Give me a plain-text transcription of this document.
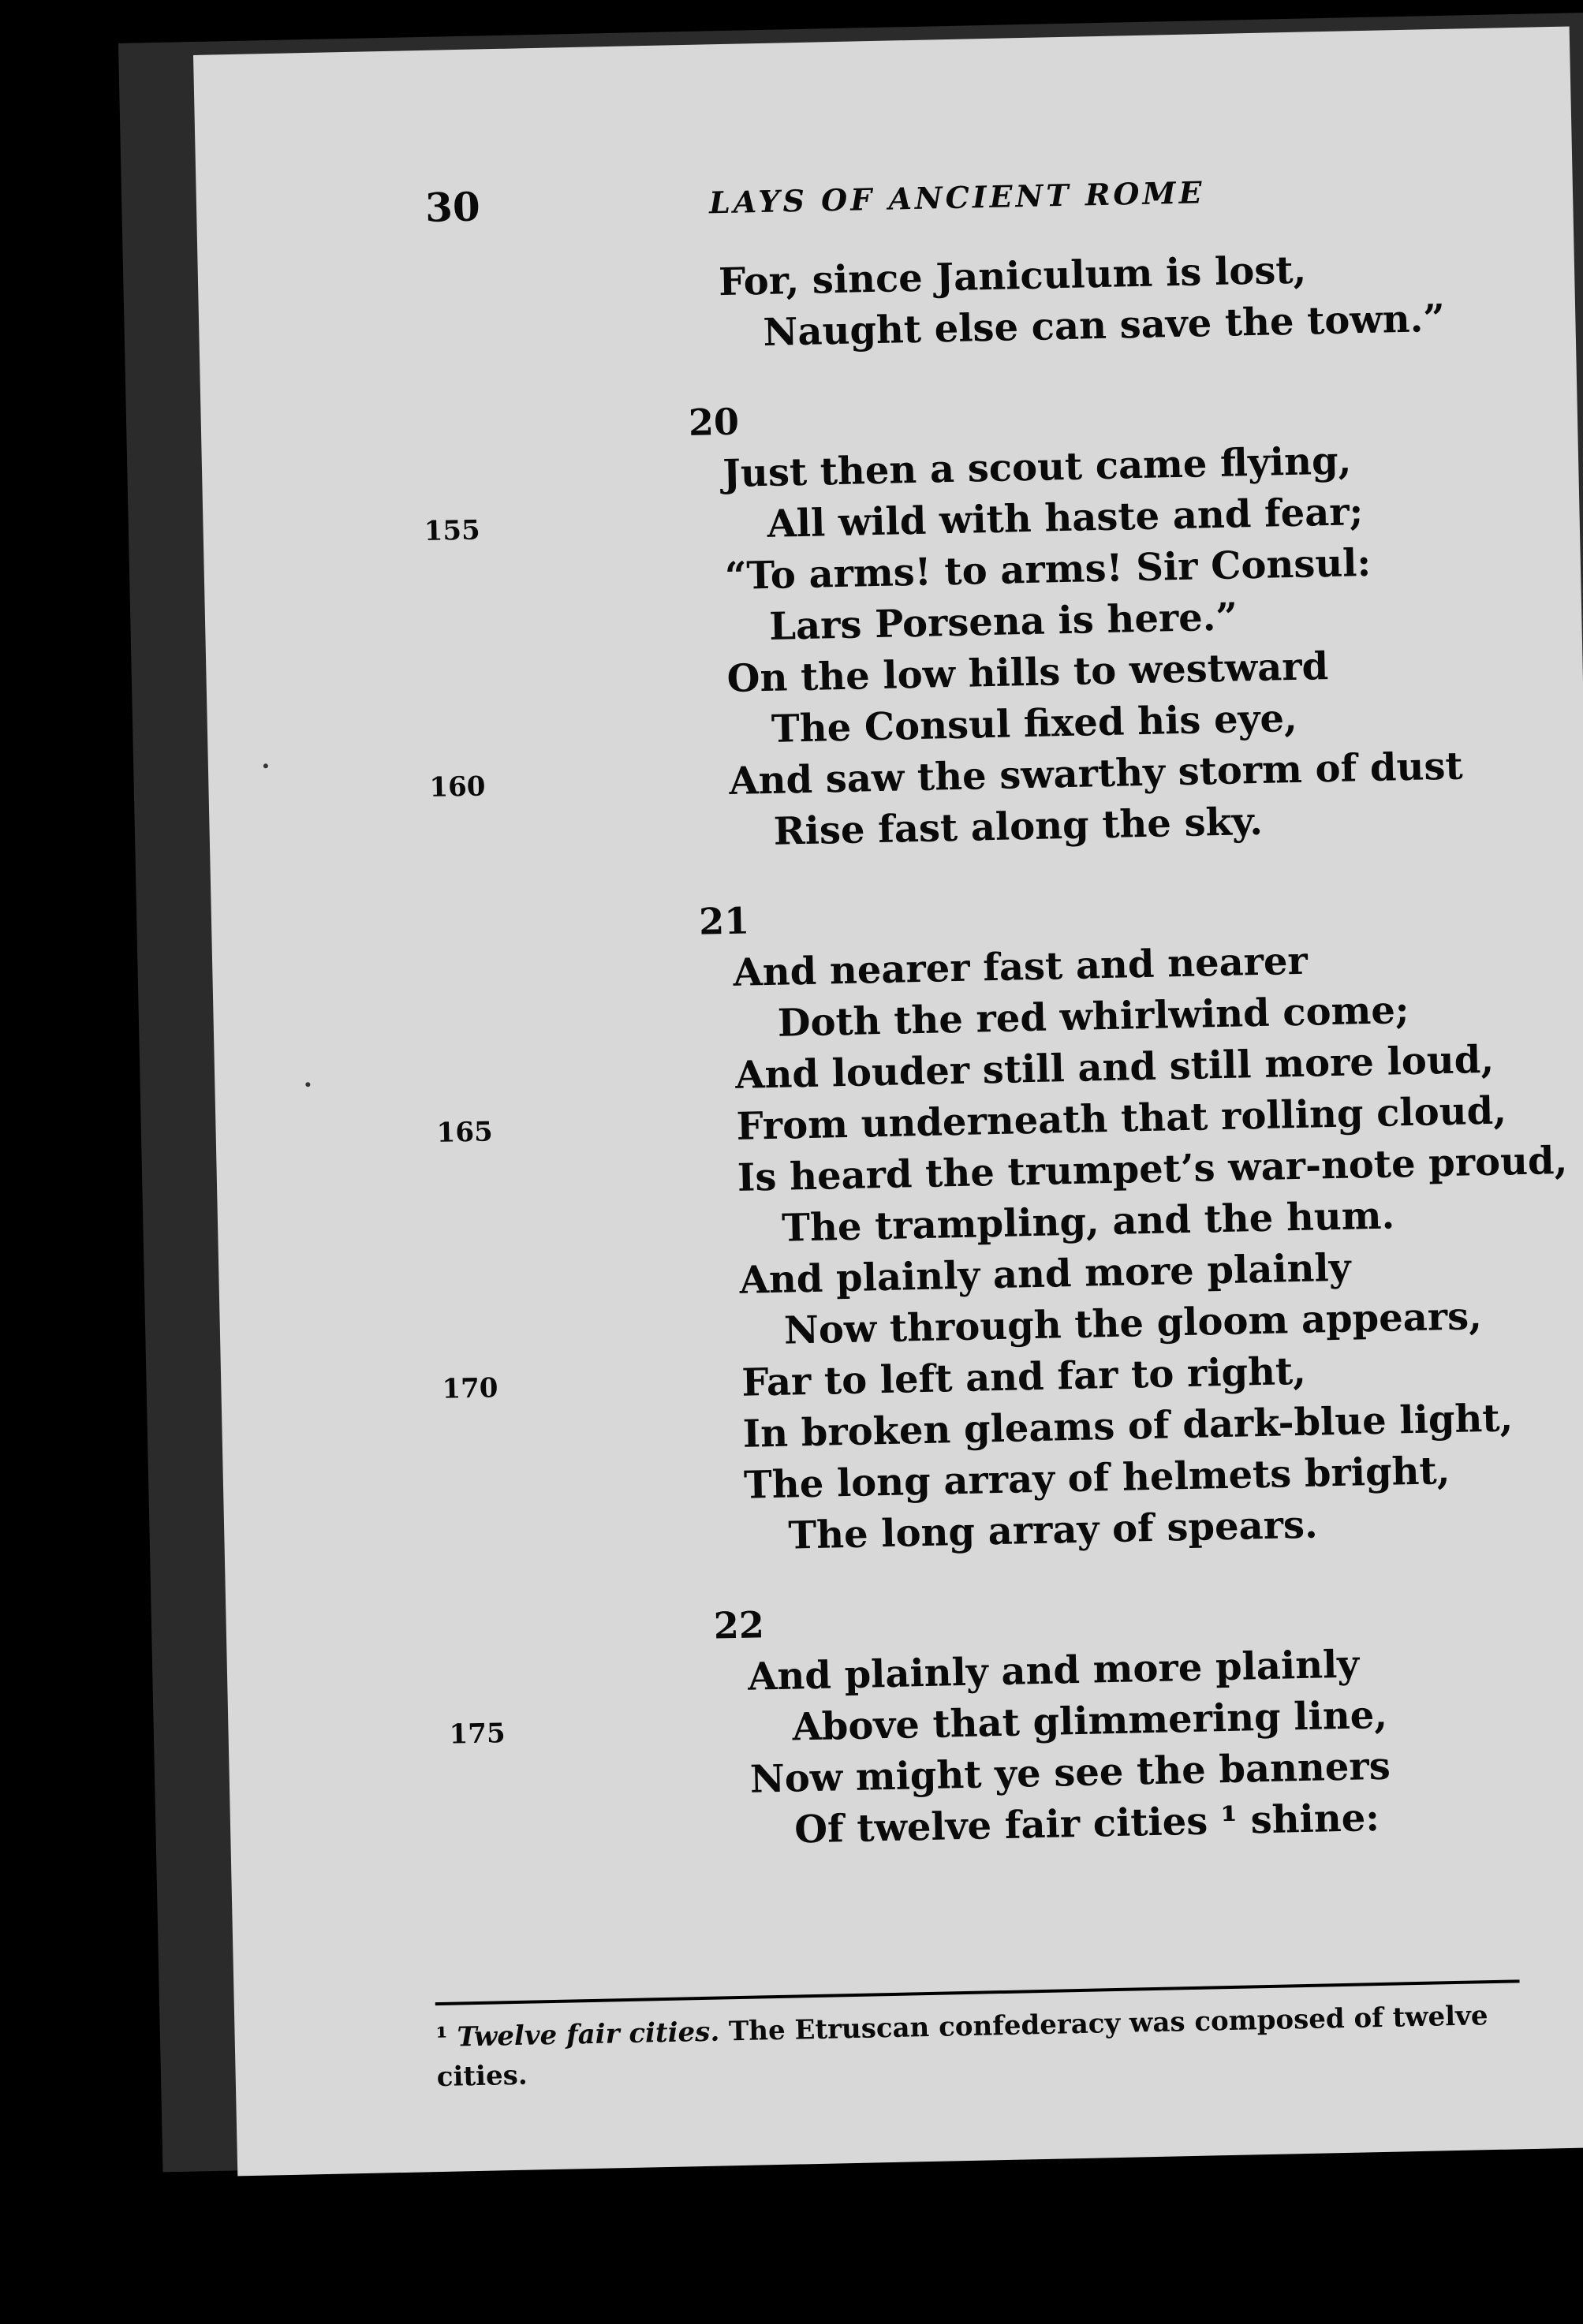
30	LAYS OF ANCIENT ROME
For, since Janiculum is lost,
Naught else can save the town.”
20
Just then a scout came flying,
155	All wild with haste and fear;
“To arms! to arms! Sir Consul:
Lars Porsena is here.”
On the low hills to westward
The Consul fixed his eye,
160	And saw the swarthy storm of dust
Rise fast along the sky.
21
And nearer fast and nearer
Doth the red whirlwind come;
And louder still and still more loud,
165	From underneath that rolling cloud,
Is heard the trumpet’s war-note proud,
The trampling, and the hum.
And plainly and more plainly
Now through the gloom appears,
170	Far to left and far to right,
In broken gleams of dark-blue light,
The long array of helmets bright,
The long array of spears.
22
And plainly and more plainly
175	Above that glimmering line,
Now might ye see the banners
Of twelve fair cities ¹ shine:
¹ Twelve fair cities. The Etruscan confederacy was composed of twelve cities.
